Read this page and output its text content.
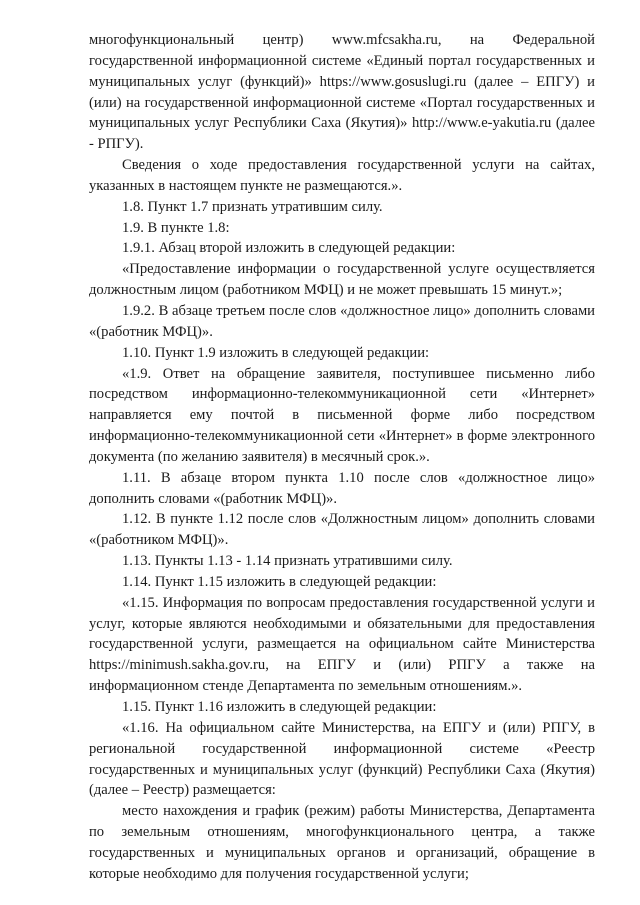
многофункциональный центр) www.mfcsakha.ru, на Федеральной государственной информационной системе «Единый портал государственных и муниципальных услуг (функций)» https://www.gosuslugi.ru (далее – ЕПГУ) и (или) на государственной информационной системе «Портал государственных и муниципальных услуг Республики Саха (Якутия)» http://www.e-yakutia.ru (далее - РПГУ).

Сведения о ходе предоставления государственной услуги на сайтах, указанных в настоящем пункте не размещаются.».

1.8. Пункт 1.7 признать утратившим силу.

1.9. В пункте 1.8:

1.9.1. Абзац второй изложить в следующей редакции:

«Предоставление информации о государственной услуге осуществляется должностным лицом (работником МФЦ) и не может превышать 15 минут.»;

1.9.2. В абзаце третьем после слов «должностное лицо» дополнить словами «(работник МФЦ)».

1.10. Пункт 1.9 изложить в следующей редакции:

«1.9. Ответ на обращение заявителя, поступившее письменно либо посредством информационно-телекоммуникационной сети «Интернет» направляется ему почтой в письменной форме либо посредством информационно-телекоммуникационной сети «Интернет» в форме электронного документа (по желанию заявителя) в месячный срок.».

1.11. В абзаце втором пункта 1.10 после слов «должностное лицо» дополнить словами «(работник МФЦ)».

1.12. В пункте 1.12 после слов «Должностным лицом» дополнить словами «(работником МФЦ)».

1.13. Пункты 1.13 - 1.14 признать утратившими силу.

1.14. Пункт 1.15 изложить в следующей редакции:

«1.15. Информация по вопросам предоставления государственной услуги и услуг, которые являются необходимыми и обязательными для предоставления государственной услуги, размещается на официальном сайте Министерства https://minimush.sakha.gov.ru, на ЕПГУ и (или) РПГУ а также на информационном стенде Департамента по земельным отношениям.».

1.15. Пункт 1.16 изложить в следующей редакции:

«1.16. На официальном сайте Министерства, на ЕПГУ и (или) РПГУ, в региональной государственной информационной системе «Реестр государственных и муниципальных услуг (функций) Республики Саха (Якутия) (далее – Реестр) размещается:

место нахождения и график (режим) работы Министерства, Департамента по земельным отношениям, многофункционального центра, а также государственных и муниципальных органов и организаций, обращение в которые необходимо для получения государственной услуги;
